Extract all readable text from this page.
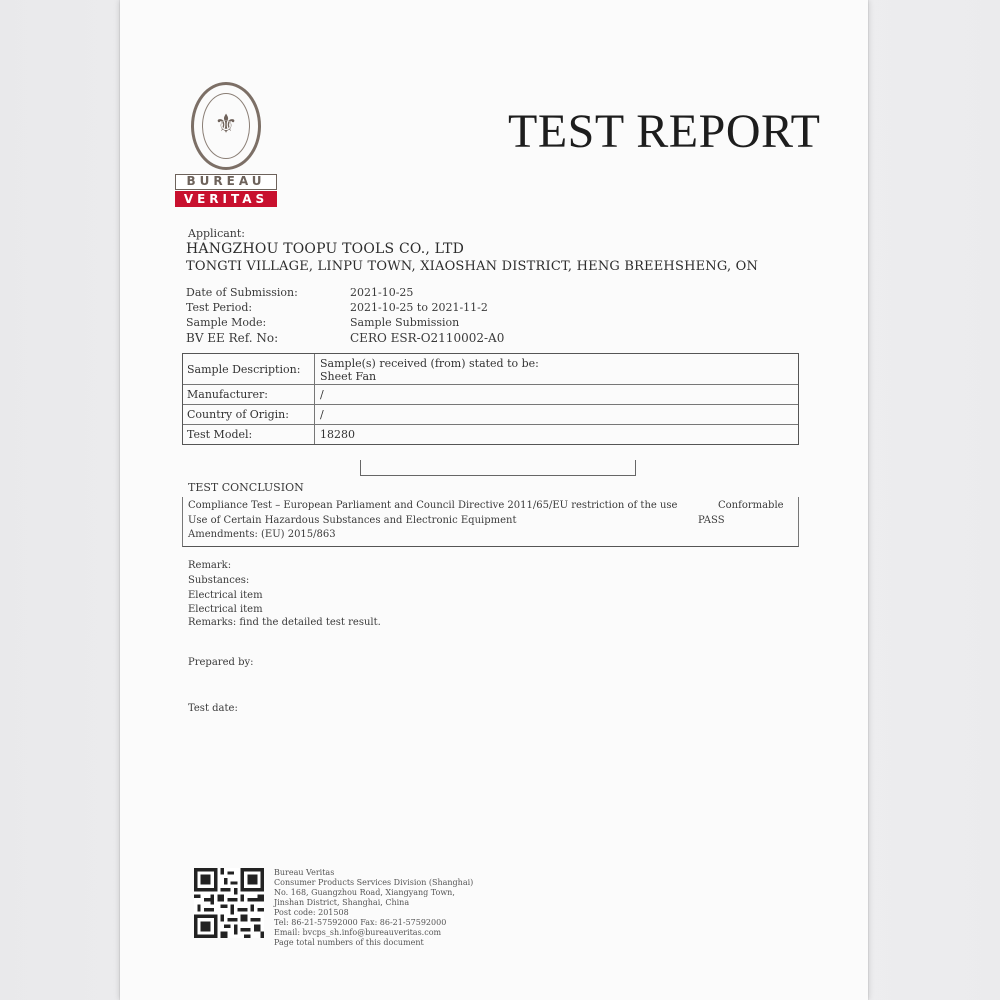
⚜
BUREAU
VERITAS
TEST REPORT
Applicant:
HANGZHOU TOOPU TOOLS CO., LTD
TONGTI VILLAGE, LINPU TOWN, XIAOSHAN DISTRICT, HENG BREEHSHENG, ON
Date of Submission:	2021-10-25
Test Period:	2021-10-25 to 2021-11-2
Sample Mode:	Sample Submission
BV EE Ref. No:	CERO ESR-O2110002-A0
Sample Description: Sample(s) received (from) stated to be:
Sheet Fan
Manufacturer:	/
Country of Origin:	/
Test Model:	18280
TEST CONCLUSION
Compliance Test – European Parliament and Council Directive 2011/65/EU restriction of the use	Conformable
Use of Certain Hazardous Substances and Electronic Equipment	PASS
Amendments: (EU) 2015/863
Remark:
Substances:
Electrical item
Electrical item
Remarks: find the detailed test result.
Prepared by:
Test date:
Bureau Veritas
Consumer Products Services Division (Shanghai)
No. 168, Guangzhou Road, Xiangyang Town,
Jinshan District, Shanghai, China
Post code: 201508
Tel: 86-21-57592000 Fax: 86-21-57592000
Email: bvcps_sh.info@bureauveritas.com
Page total numbers of this document
